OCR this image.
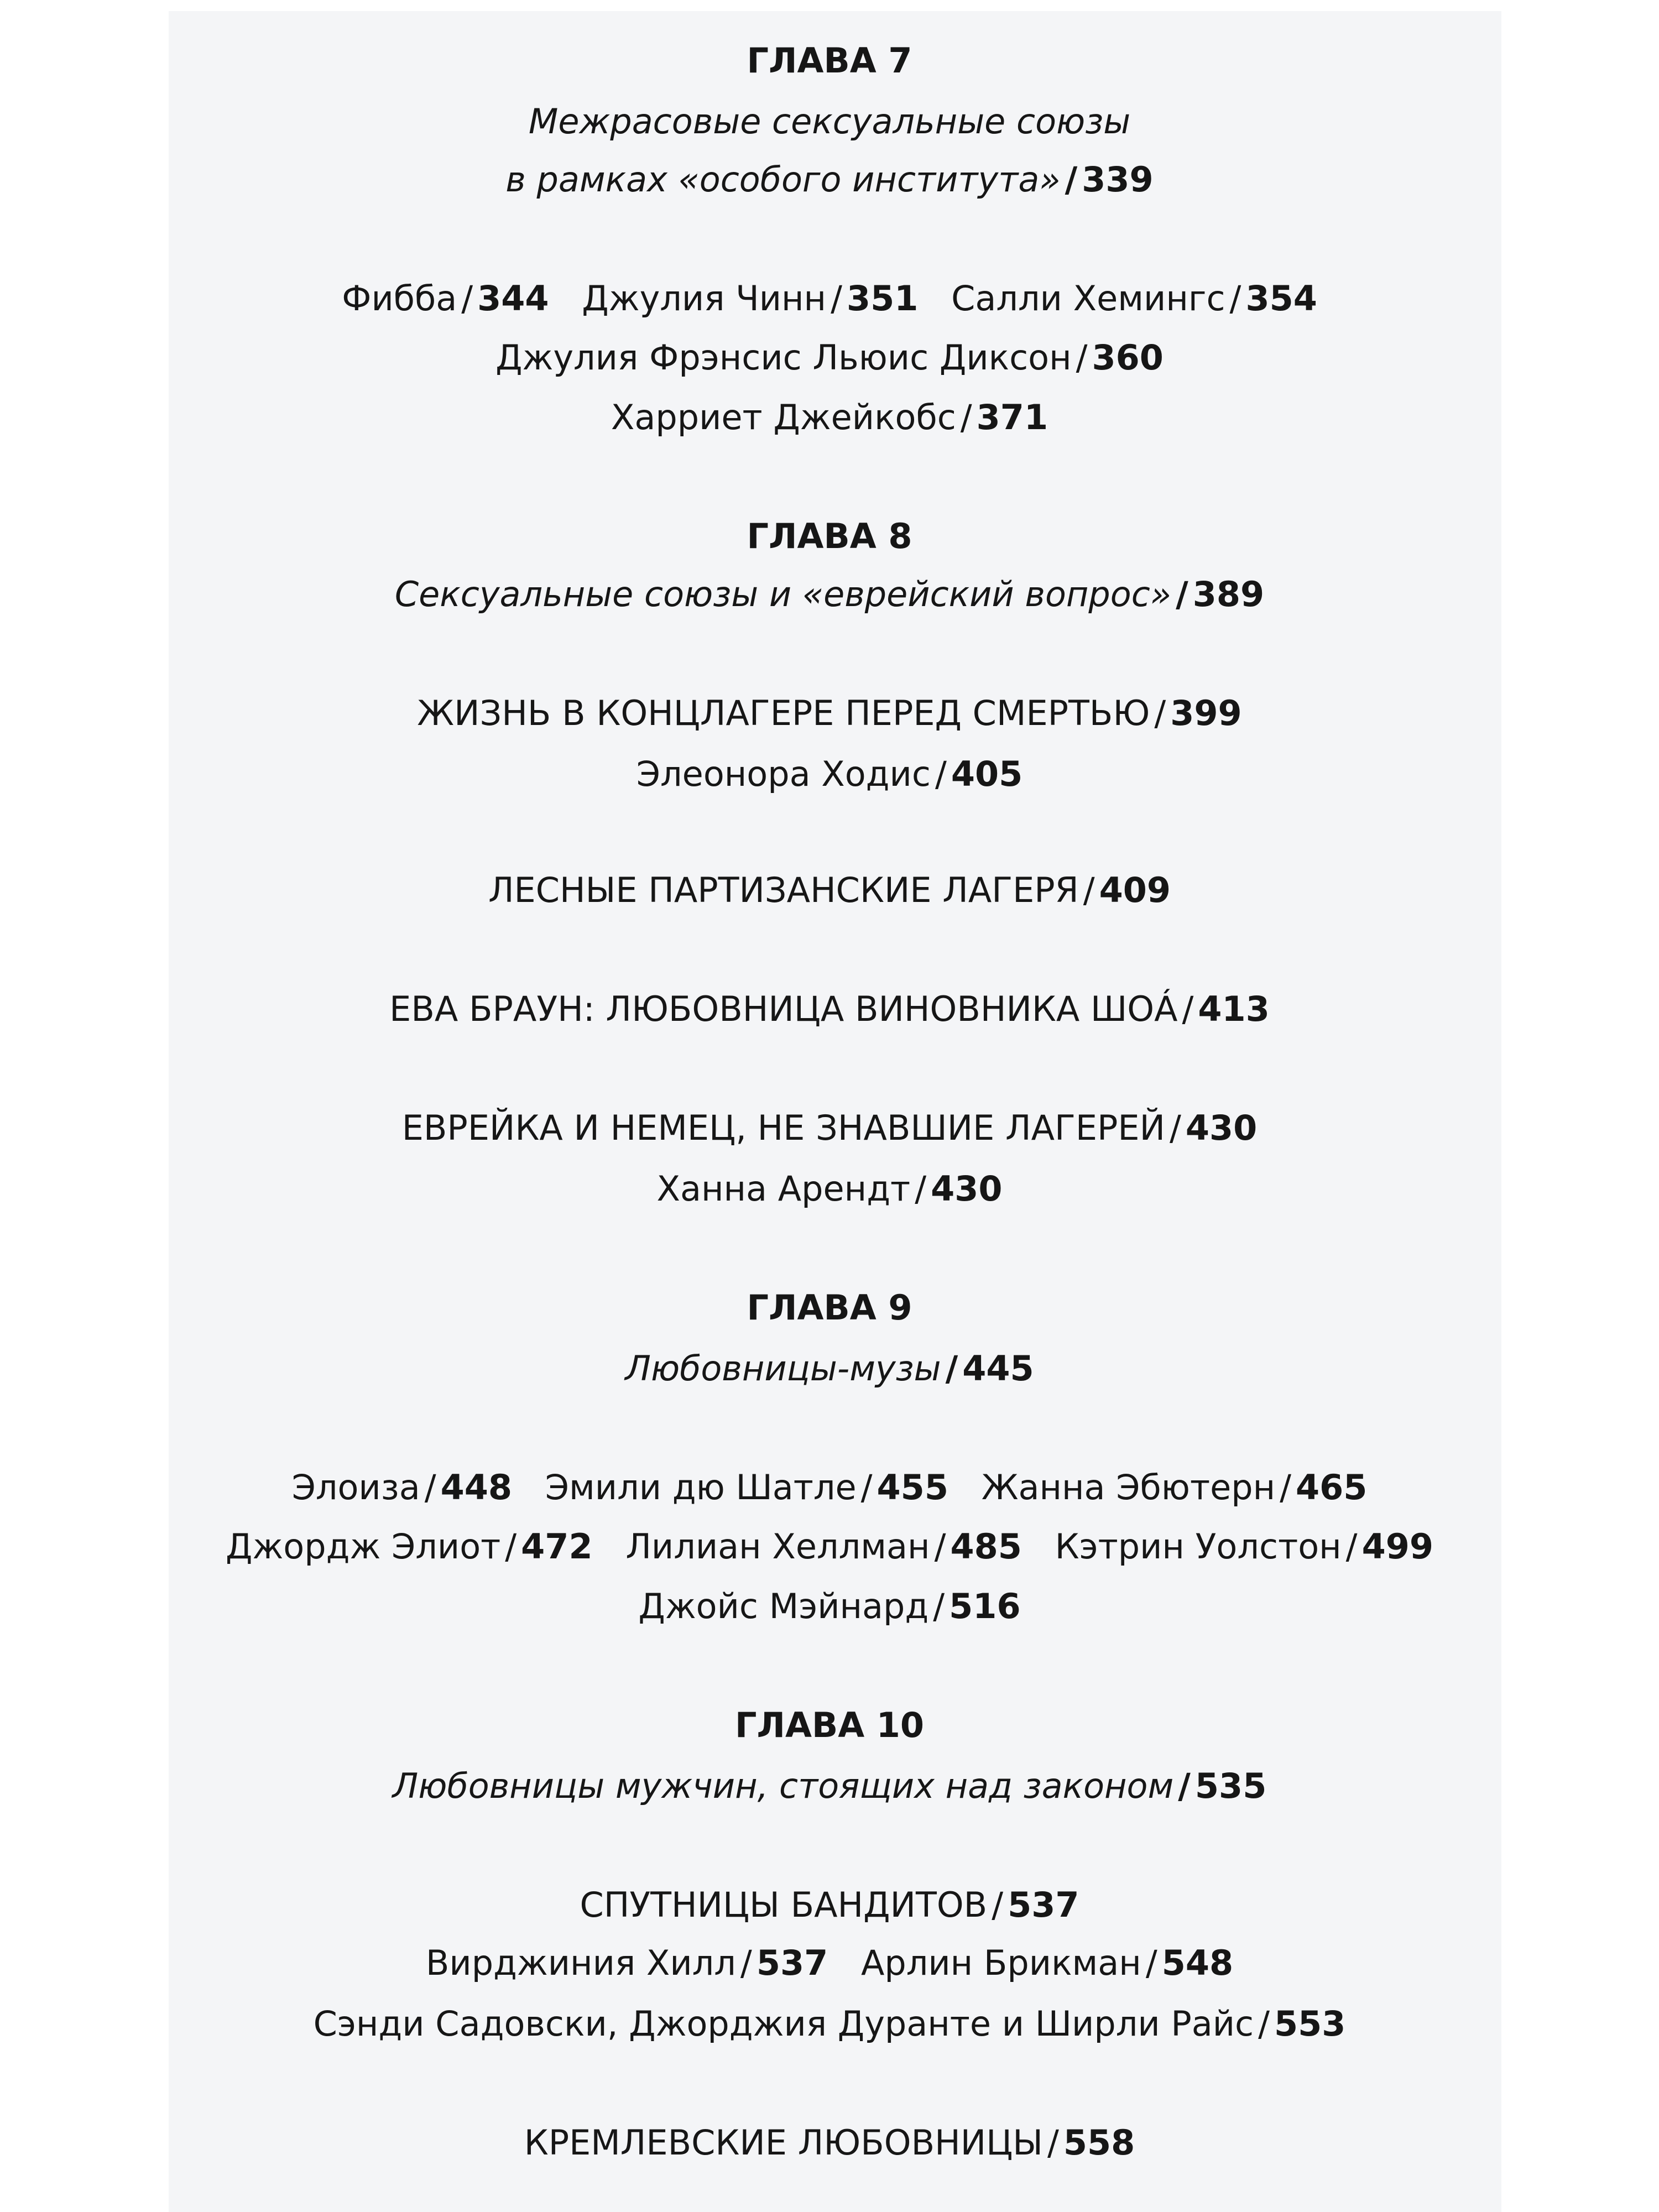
ГЛАВА 7
Межрасовые сексуальные союзы
в рамках «особого института» / 339
Фибба / 344 Джулия Чинн / 351 Салли Хемингс / 354
Джулия Фрэнсис Льюис Диксон / 360
Харриет Джейкобс / 371
ГЛАВА 8
Сексуальные союзы и «еврейский вопрос» / 389
ЖИЗНЬ В КОНЦЛАГЕРЕ ПЕРЕД СМЕРТЬЮ / 399
Элеонора Ходис / 405
ЛЕСНЫЕ ПАРТИЗАНСКИЕ ЛАГЕРЯ / 409
ЕВА БРАУН: ЛЮБОВНИЦА ВИНОВНИКА ШОÁ / 413
ЕВРЕЙКА И НЕМЕЦ, НЕ ЗНАВШИЕ ЛАГЕРЕЙ / 430
Ханна Арендт / 430
ГЛАВА 9
Любовницы-музы / 445
Элоиза / 448 Эмили дю Шатле / 455 Жанна Эбютерн / 465
Джордж Элиот / 472 Лилиан Хеллман / 485 Кэтрин Уолстон / 499
Джойс Мэйнард / 516
ГЛАВА 10
Любовницы мужчин, стоящих над законом / 535
СПУТНИЦЫ БАНДИТОВ / 537
Вирджиния Хилл / 537 Арлин Брикман / 548
Сэнди Садовски, Джорджия Дуранте и Ширли Райс / 553
КРЕМЛЕВСКИЕ ЛЮБОВНИЦЫ / 558
